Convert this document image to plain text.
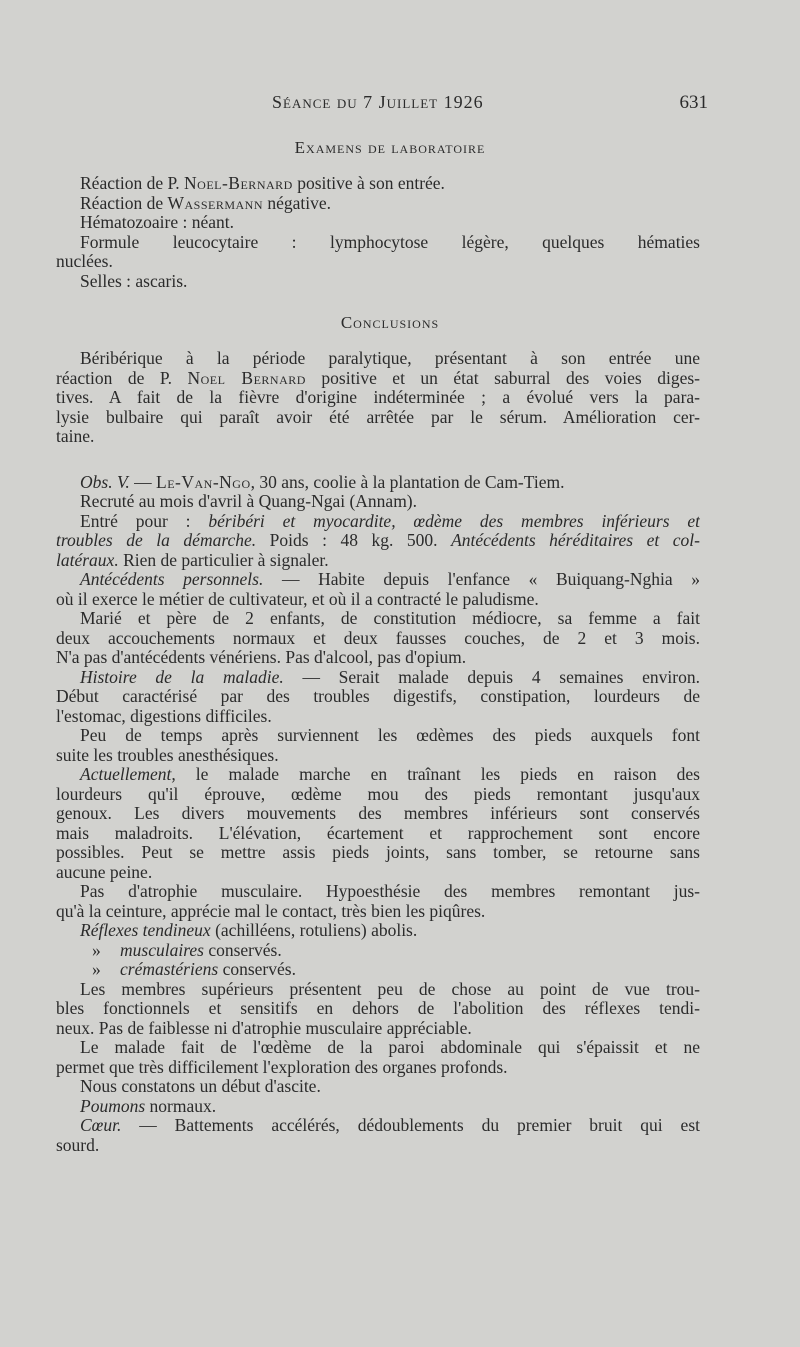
Séance du 7 Juillet 1926	631
Examens de laboratoire

Réaction de P. Noel-Bernard positive à son entrée.

Réaction de Wassermann négative.

Hématozoaire : néant.

Formule leucocytaire : lymphocytose légère, quelques hématies

nuclées.

Selles : ascaris.

Conclusions

Béribérique à la période paralytique, présentant à son entrée une

réaction de P. Noel Bernard positive et un état saburral des voies diges-

tives. A fait de la fièvre d'origine indéterminée ; a évolué vers la para-

lysie bulbaire qui paraît avoir été arrêtée par le sérum. Amélioration cer-

taine.

Obs. V. — Le-Van-Ngo, 30 ans, coolie à la plantation de Cam-Tiem.

Recruté au mois d'avril à Quang-Ngai (Annam).

Entré pour : béribéri et myocardite, œdème des membres inférieurs et

troubles de la démarche. Poids : 48 kg. 500. Antécédents héréditaires et col-

latéraux. Rien de particulier à signaler.

Antécédents personnels. — Habite depuis l'enfance « Buiquang-Nghia »

où il exerce le métier de cultivateur, et où il a contracté le paludisme.

Marié et père de 2 enfants, de constitution médiocre, sa femme a fait

deux accouchements normaux et deux fausses couches, de 2 et 3 mois.

N'a pas d'antécédents vénériens. Pas d'alcool, pas d'opium.

Histoire de la maladie. — Serait malade depuis 4 semaines environ.

Début caractérisé par des troubles digestifs, constipation, lourdeurs de

l'estomac, digestions difficiles.

Peu de temps après surviennent les œdèmes des pieds auxquels font

suite les troubles anesthésiques.

Actuellement, le malade marche en traînant les pieds en raison des

lourdeurs qu'il éprouve, œdème mou des pieds remontant jusqu'aux

genoux. Les divers mouvements des membres inférieurs sont conservés

mais maladroits. L'élévation, écartement et rapprochement sont encore

possibles. Peut se mettre assis pieds joints, sans tomber, se retourne sans

aucune peine.

Pas d'atrophie musculaire. Hypoesthésie des membres remontant jus-

qu'à la ceinture, apprécie mal le contact, très bien les piqûres.

Réflexes tendineux (achilléens, rotuliens) abolis.

» musculaires conservés.

» crémastériens conservés.

Les membres supérieurs présentent peu de chose au point de vue trou-

bles fonctionnels et sensitifs en dehors de l'abolition des réflexes tendi-

neux. Pas de faiblesse ni d'atrophie musculaire appréciable.

Le malade fait de l'œdème de la paroi abdominale qui s'épaissit et ne

permet que très difficilement l'exploration des organes profonds.

Nous constatons un début d'ascite.

Poumons normaux.

Cœur. — Battements accélérés, dédoublements du premier bruit qui est

sourd.
